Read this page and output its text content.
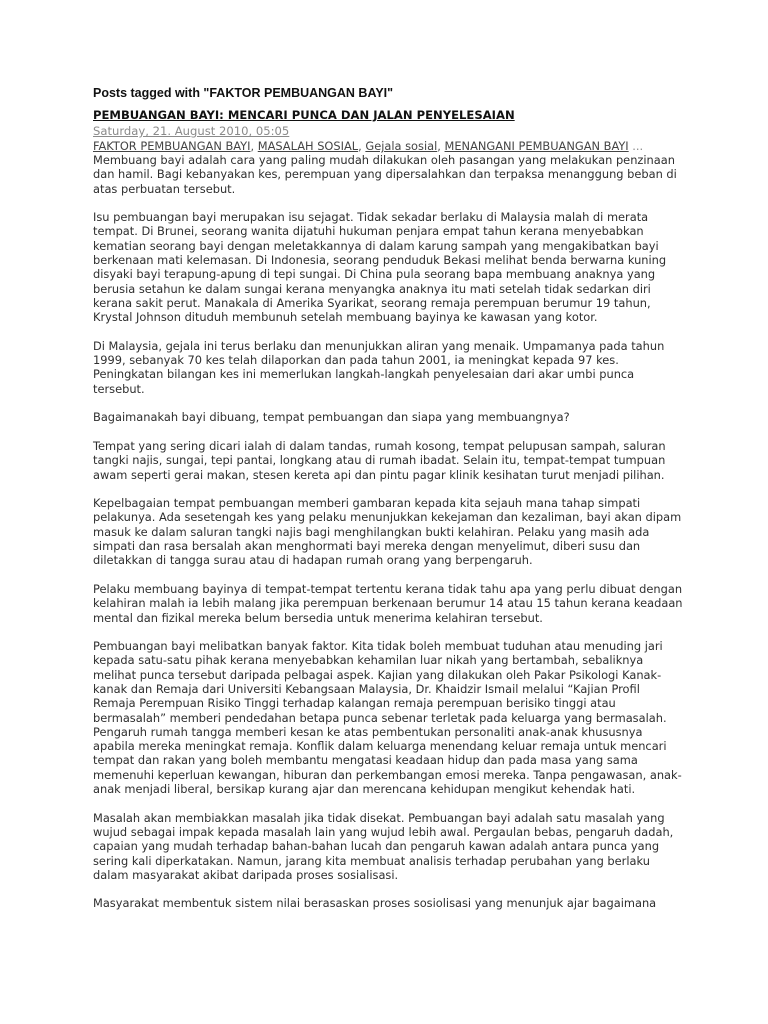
Posts tagged with "FAKTOR PEMBUANGAN BAYI"
PEMBUANGAN BAYI: MENCARI PUNCA DAN JALAN PENYELESAIAN
Saturday, 21. August 2010, 05:05
FAKTOR PEMBUANGAN BAYI, MASALAH SOSIAL, Gejala sosial, MENANGANI PEMBUANGAN BAYI ...

Membuang bayi adalah cara yang paling mudah dilakukan oleh pasangan yang melakukan penzinaan dan hamil. Bagi kebanyakan kes, perempuan yang dipersalahkan dan terpaksa menanggung beban di atas perbuatan tersebut.

Isu pembuangan bayi merupakan isu sejagat. Tidak sekadar berlaku di Malaysia malah di merata tempat. Di Brunei, seorang wanita dijatuhi hukuman penjara empat tahun kerana menyebabkan kematian seorang bayi dengan meletakkannya di dalam karung sampah yang mengakibatkan bayi berkenaan mati kelemasan. Di Indonesia, seorang penduduk Bekasi melihat benda berwarna kuning disyaki bayi terapung-apung di tepi sungai. Di China pula seorang bapa membuang anaknya yang berusia setahun ke dalam sungai kerana menyangka anaknya itu mati setelah tidak sedarkan diri kerana sakit perut. Manakala di Amerika Syarikat, seorang remaja perempuan berumur 19 tahun, Krystal Johnson dituduh membunuh setelah membuang bayinya ke kawasan yang kotor.

Di Malaysia, gejala ini terus berlaku dan menunjukkan aliran yang menaik. Umpamanya pada tahun 1999, sebanyak 70 kes telah dilaporkan dan pada tahun 2001, ia meningkat kepada 97 kes. Peningkatan bilangan kes ini memerlukan langkah-langkah penyelesaian dari akar umbi punca tersebut.

Bagaimanakah bayi dibuang, tempat pembuangan dan siapa yang membuangnya?

Tempat yang sering dicari ialah di dalam tandas, rumah kosong, tempat pelupusan sampah, saluran tangki najis, sungai, tepi pantai, longkang atau di rumah ibadat. Selain itu, tempat-tempat tumpuan awam seperti gerai makan, stesen kereta api dan pintu pagar klinik kesihatan turut menjadi pilihan.

Kepelbagaian tempat pembuangan memberi gambaran kepada kita sejauh mana tahap simpati pelakunya. Ada sesetengah kes yang pelaku menunjukkan kekejaman dan kezaliman, bayi akan dipam masuk ke dalam saluran tangki najis bagi menghilangkan bukti kelahiran. Pelaku yang masih ada simpati dan rasa bersalah akan menghormati bayi mereka dengan menyelimut, diberi susu dan diletakkan di tangga surau atau di hadapan rumah orang yang berpengaruh.

Pelaku membuang bayinya di tempat-tempat tertentu kerana tidak tahu apa yang perlu dibuat dengan kelahiran malah ia lebih malang jika perempuan berkenaan berumur 14 atau 15 tahun kerana keadaan mental dan fizikal mereka belum bersedia untuk menerima kelahiran tersebut.

Pembuangan bayi melibatkan banyak faktor. Kita tidak boleh membuat tuduhan atau menuding jari kepada satu-satu pihak kerana menyebabkan kehamilan luar nikah yang bertambah, sebaliknya melihat punca tersebut daripada pelbagai aspek. Kajian yang dilakukan oleh Pakar Psikologi Kanak-kanak dan Remaja dari Universiti Kebangsaan Malaysia, Dr. Khaidzir Ismail melalui “Kajian Profil Remaja Perempuan Risiko Tinggi terhadap kalangan remaja perempuan berisiko tinggi atau bermasalah” memberi pendedahan betapa punca sebenar terletak pada keluarga yang bermasalah. Pengaruh rumah tangga memberi kesan ke atas pembentukan personaliti anak-anak khususnya apabila mereka meningkat remaja. Konflik dalam keluarga menendang keluar remaja untuk mencari tempat dan rakan yang boleh membantu mengatasi keadaan hidup dan pada masa yang sama memenuhi keperluan kewangan, hiburan dan perkembangan emosi mereka. Tanpa pengawasan, anak-anak menjadi liberal, bersikap kurang ajar dan merencana kehidupan mengikut kehendak hati.

Masalah akan membiakkan masalah jika tidak disekat. Pembuangan bayi adalah satu masalah yang wujud sebagai impak kepada masalah lain yang wujud lebih awal. Pergaulan bebas, pengaruh dadah, capaian yang mudah terhadap bahan-bahan lucah dan pengaruh kawan adalah antara punca yang sering kali diperkatakan. Namun, jarang kita membuat analisis terhadap perubahan yang berlaku dalam masyarakat akibat daripada proses sosialisasi.

Masyarakat membentuk sistem nilai berasaskan proses sosiolisasi yang menunjuk ajar bagaimana
